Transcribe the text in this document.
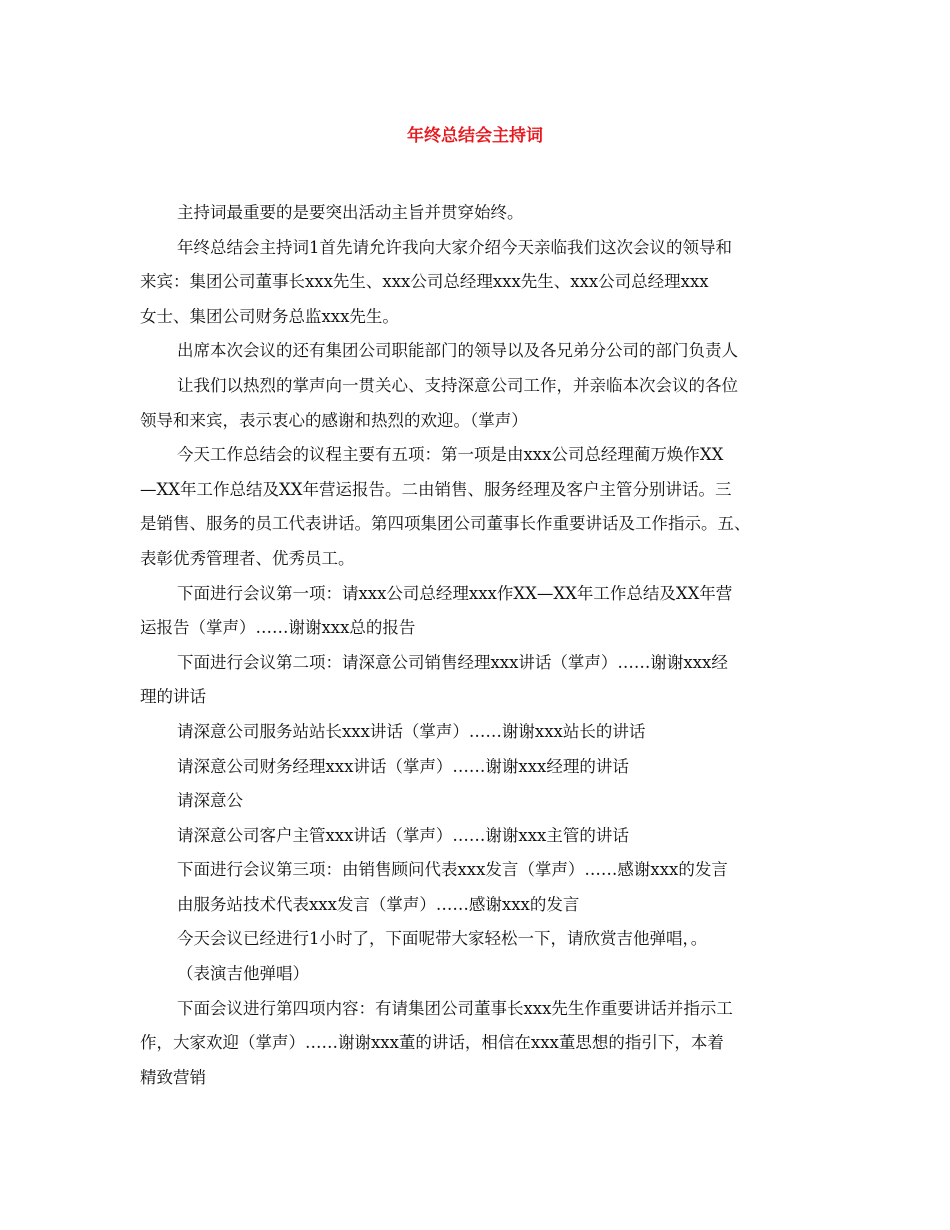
年终总结会主持词
主持词最重要的是要突出活动主旨并贯穿始终。
年终总结会主持词1首先请允许我向大家介绍今天亲临我们这次会议的领导和
来宾：集团公司董事长xxx先生、xxx公司总经理xxx先生、xxx公司总经理xxx
女士、集团公司财务总监xxx先生。
出席本次会议的还有集团公司职能部门的领导以及各兄弟分公司的部门负责人
让我们以热烈的掌声向一贯关心、支持深意公司工作，并亲临本次会议的各位
领导和来宾，表示衷心的感谢和热烈的欢迎。（掌声）
今天工作总结会的议程主要有五项：第一项是由xxx公司总经理蔺万焕作XX
—XX年工作总结及XX年营运报告。二由销售、服务经理及客户主管分别讲话。三
是销售、服务的员工代表讲话。第四项集团公司董事长作重要讲话及工作指示。五、
表彰优秀管理者、优秀员工。
下面进行会议第一项：请xxx公司总经理xxx作XX—XX年工作总结及XX年营
运报告（掌声）……谢谢xxx总的报告
下面进行会议第二项：请深意公司销售经理xxx讲话（掌声）……谢谢xxx经
理的讲话
请深意公司服务站站长xxx讲话（掌声）……谢谢xxx站长的讲话
请深意公司财务经理xxx讲话（掌声）……谢谢xxx经理的讲话
请深意公
请深意公司客户主管xxx讲话（掌声）……谢谢xxx主管的讲话
下面进行会议第三项：由销售顾问代表xxx发言（掌声）……感谢xxx的发言
由服务站技术代表xxx发言（掌声）……感谢xxx的发言
今天会议已经进行1小时了，下面呢带大家轻松一下，请欣赏吉他弹唱，。
（表演吉他弹唱）
下面会议进行第四项内容：有请集团公司董事长xxx先生作重要讲话并指示工
作，大家欢迎（掌声）……谢谢xxx董的讲话，相信在xxx董思想的指引下，本着
精致营销
